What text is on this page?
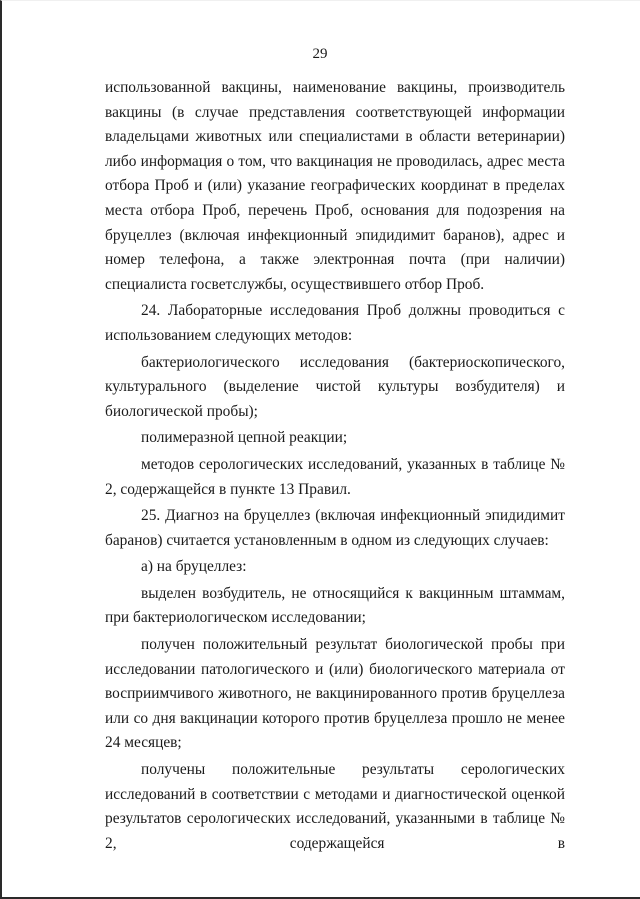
29

использованной вакцины, наименование вакцины, производитель вакцины (в случае представления соответствующей информации владельцами животных или специалистами в области ветеринарии) либо информация о том, что вакцинация не проводилась, адрес места отбора Проб и (или) указание географических координат в пределах места отбора Проб, перечень Проб, основания для подозрения на бруцеллез (включая инфекционный эпидидимит баранов), адрес и номер телефона, а также электронная почта (при наличии) специалиста госветслужбы, осуществившего отбор Проб.

24. Лабораторные исследования Проб должны проводиться с использованием следующих методов:

бактериологического исследования (бактериоскопического, культурального (выделение чистой культуры возбудителя) и биологической пробы);

полимеразной цепной реакции;

методов серологических исследований, указанных в таблице № 2, содержащейся в пункте 13 Правил.

25. Диагноз на бруцеллез (включая инфекционный эпидидимит баранов) считается установленным в одном из следующих случаев:

а) на бруцеллез:

выделен возбудитель, не относящийся к вакцинным штаммам, при бактериологическом исследовании;

получен положительный результат биологической пробы при исследовании патологического и (или) биологического материала от восприимчивого животного, не вакцинированного против бруцеллеза или со дня вакцинации которого против бруцеллеза прошло не менее 24 месяцев;

получены положительные результаты серологических исследований в соответствии с методами и диагностической оценкой результатов серологических исследований, указанными в таблице № 2, содержащейся в
